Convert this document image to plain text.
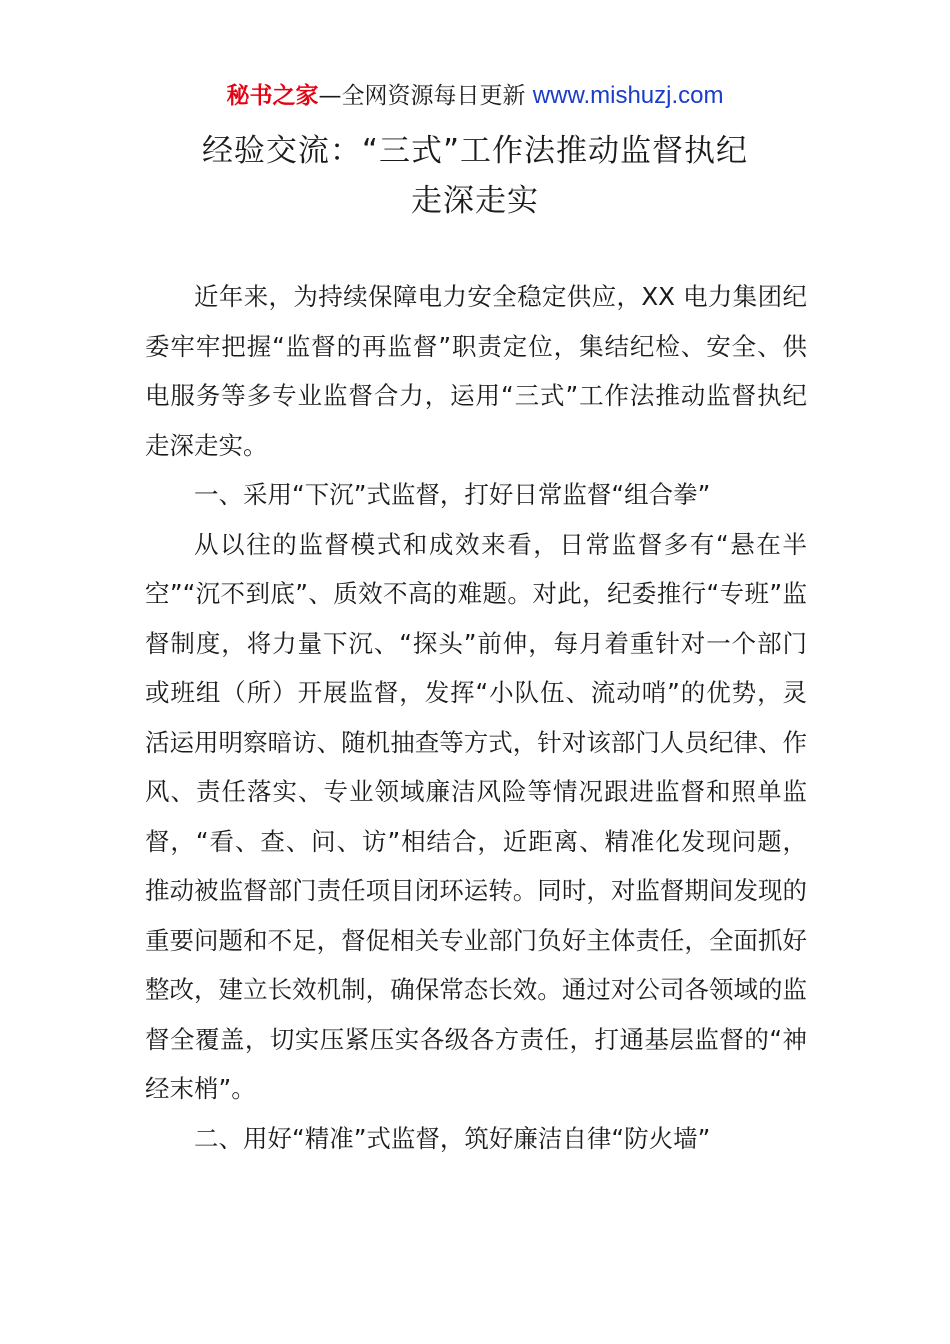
秘书之家—全网资源每日更新 www.mishuzj.com
经验交流：“三式”工作法推动监督执纪
走深走实

近年来，为持续保障电力安全稳定供应，XX 电力集团纪委牢牢把握“监督的再监督”职责定位，集结纪检、安全、供电服务等多专业监督合力，运用“三式”工作法推动监督执纪走深走实。

一、采用“下沉”式监督，打好日常监督“组合拳”

从以往的监督模式和成效来看，日常监督多有“悬在半空”“沉不到底”、质效不高的难题。对此，纪委推行“专班”监督制度，将力量下沉、“探头”前伸，每月着重针对一个部门或班组（所）开展监督，发挥“小队伍、流动哨”的优势，灵活运用明察暗访、随机抽查等方式，针对该部门人员纪律、作风、责任落实、专业领域廉洁风险等情况跟进监督和照单监督，“看、查、问、访”相结合，近距离、精准化发现问题，推动被监督部门责任项目闭环运转。同时，对监督期间发现的重要问题和不足，督促相关专业部门负好主体责任，全面抓好整改，建立长效机制，确保常态长效。通过对公司各领域的监督全覆盖，切实压紧压实各级各方责任，打通基层监督的“神经末梢”。

二、用好“精准”式监督，筑好廉洁自律“防火墙”
